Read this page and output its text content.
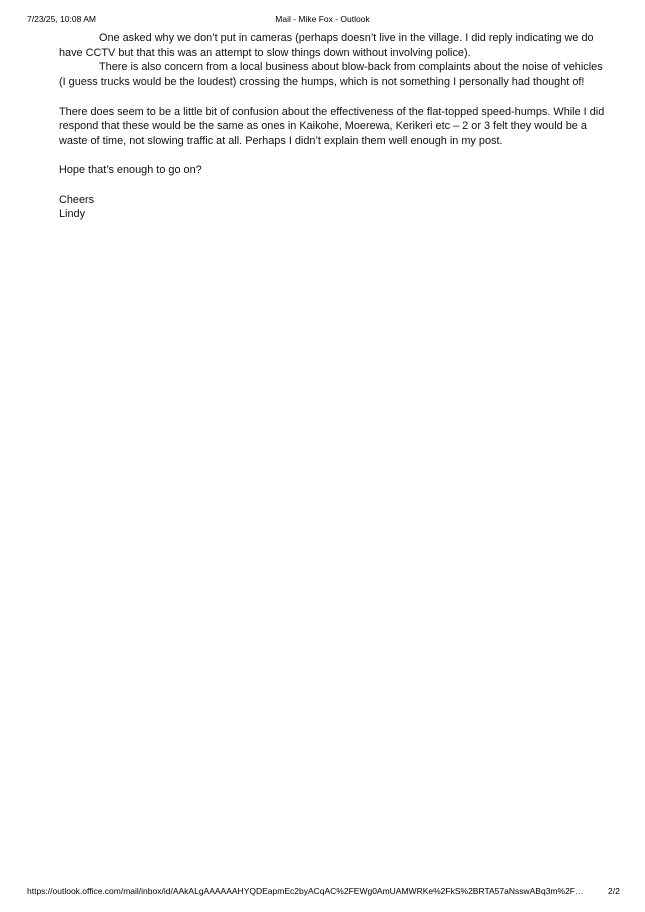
7/23/25, 10:08 AM	Mail - Mike Fox - Outlook

One asked why we don’t put in cameras (perhaps doesn’t live in the village. I did reply indicating we do have CCTV but that this was an attempt to slow things down without involving police).

There is also concern from a local business about blow-back from complaints about the noise of vehicles (I guess trucks would be the loudest) crossing the humps, which is not something I personally had thought of!

There does seem to be a little bit of confusion about the effectiveness of the flat-topped speed-humps. While I did respond that these would be the same as ones in Kaikohe, Moerewa, Kerikeri etc – 2 or 3 felt they would be a waste of time, not slowing traffic at all. Perhaps I didn’t explain them well enough in my post.

Hope that’s enough to go on?

Cheers

Lindy

https://outlook.office.com/mail/inbox/id/AAkALgAAAAAAHYQDEapmEc2byACqAC%2FEWg0AmUAMWRKe%2FkS%2BRTA57aNsswABq3m%2F…	2/2
